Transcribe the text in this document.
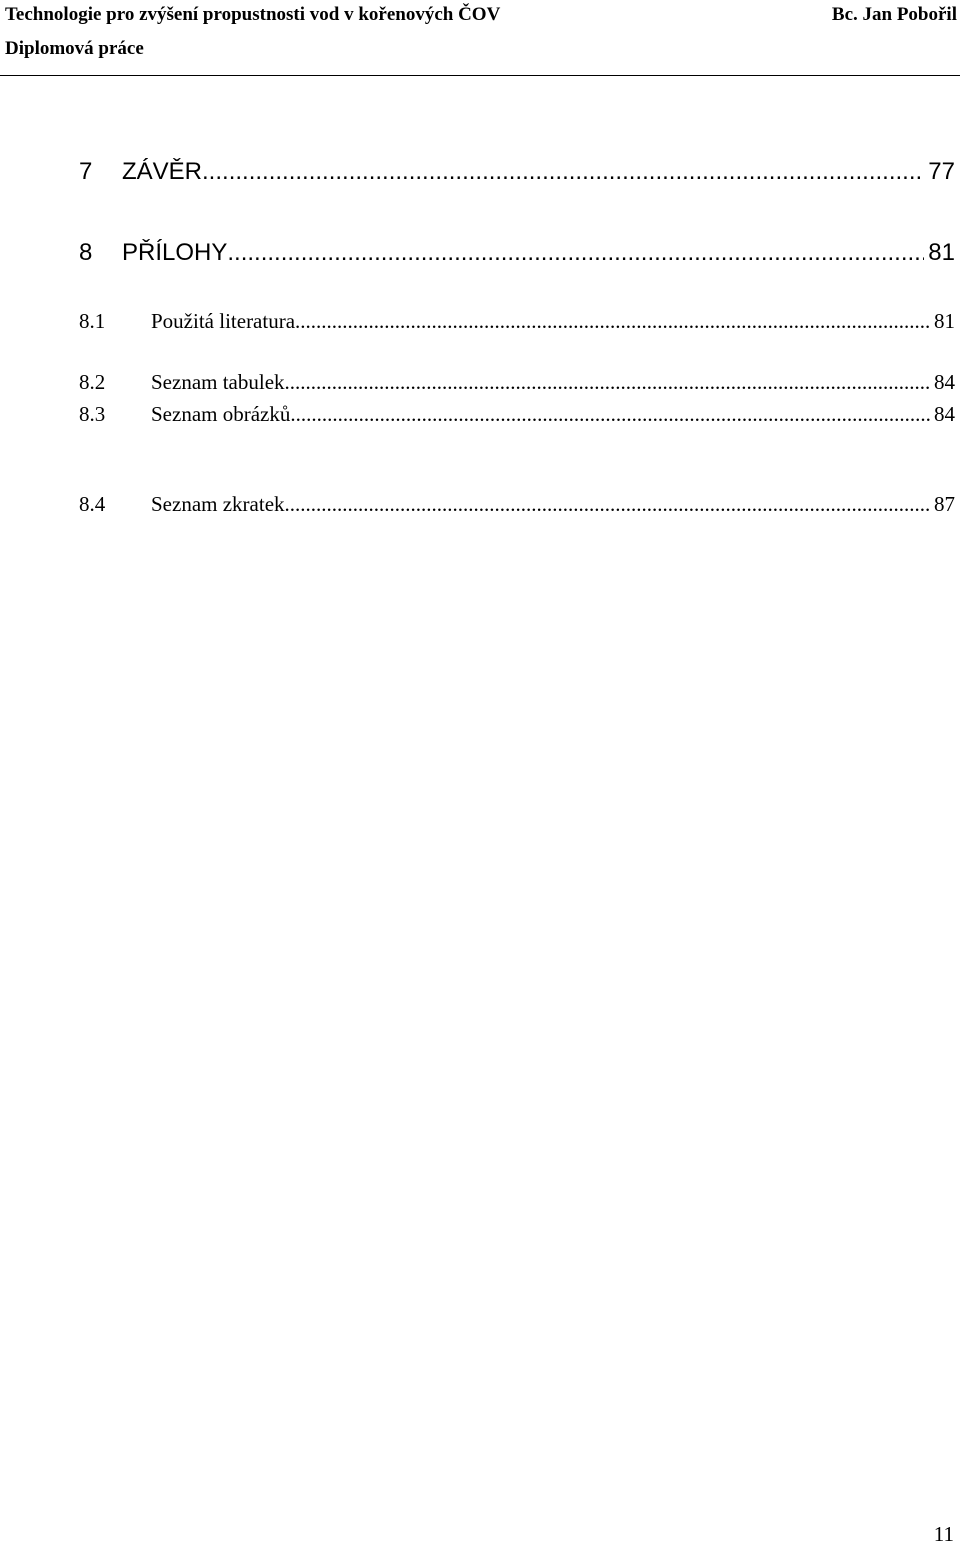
Technologie pro zvýšení propustnosti vod v kořenových ČOV	Bc. Jan Pobořil
Diplomová práce
7	ZÁVĚR .....	77
8	PŘÍLOHY .....	81
8.1	Použitá literatura .....	81
8.2	Seznam tabulek .....	84
8.3	Seznam obrázků .....	84
8.4	Seznam zkratek .....	87
11
